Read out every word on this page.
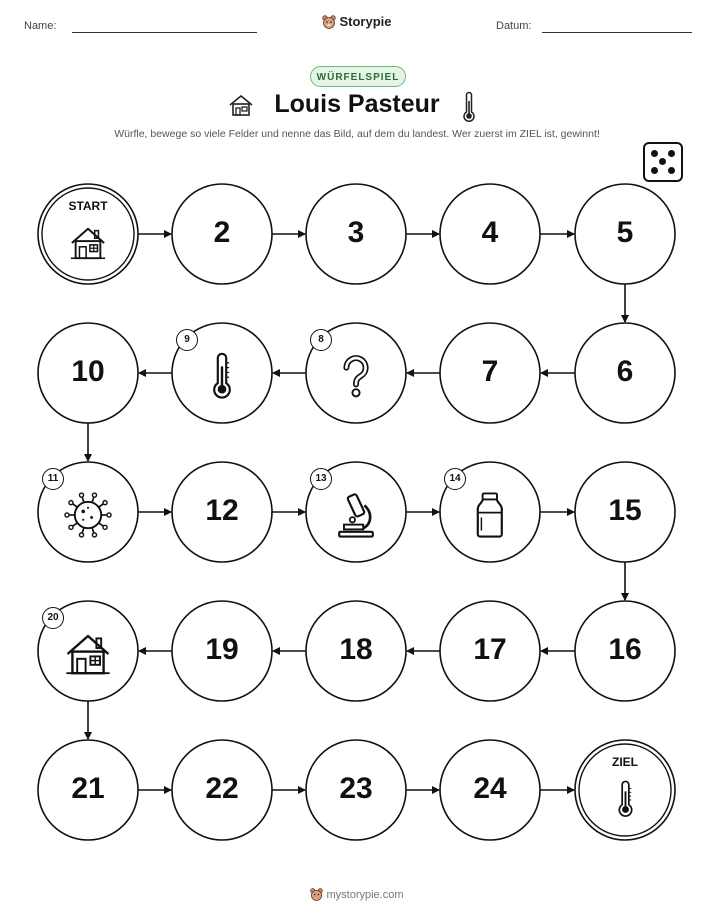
Name:	Storypie	Datum:
WÜRFELSPIEL
Louis Pasteur
Würfle, bewege so viele Felder und nenne das Bild, auf dem du landest. Wer zuerst im ZIEL ist, gewinnt!
START
2	3	4	5
6
7
8
9
10
11
12
13	14
15
16
17
18
19
20
21	22	23	24
ZIEL
mystorypie.com
